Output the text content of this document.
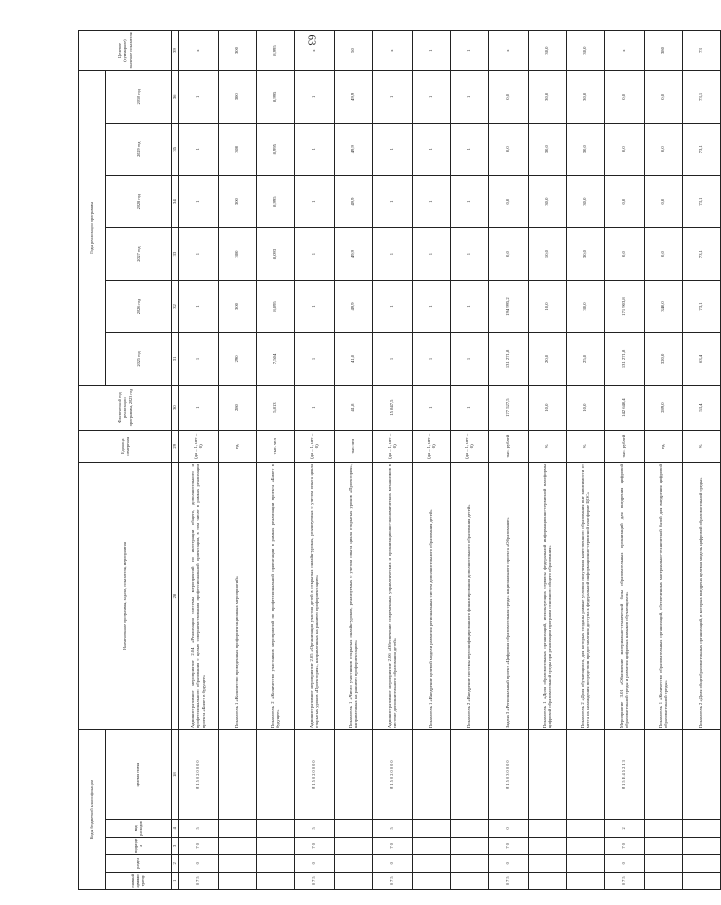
63
Коды бюджетной классификации					Наименование программы, задачи, показателя, мероприятия	Единица измерения	Фактический год реализации программы, 2023 год	Годы реализации программы						Целевое (суммарное) значение показателя
главный администратор	раздел	подраздел	вид расходов	целевая статья				2025 год	2026 год	2027 год	2028 год	2029 год	2030 год	
1	2	3	4	18	28	29	30	31	32	33	34	35	36	39
0 7 5	0	7 0	5	8 1 5 0 2 0 0 0 0	Административное мероприятие 2.04 «Реализация системы мероприятий по интеграции общего, дополнительного и профессионального образования с целью совершенствования профессиональной ориентации, в том числе в рамках реализации проекта «Билет в будущее»	(да – 1, нет – 0)	1	1	1	1	1	1	1	х
					Показатель 1 «Количество проведенных профориентационных мероприятий»	ед.	280	290	300	300	300	300	300	300
					Показатель 2 «Количество участников мероприятий по профессиональной ориентации в рамках реализации проекта «Билет в будущее»	тыс. чел	5,813	7,504	8,095	8,093	8,995	8,995	8,995	8,995
0 7 5	0	7 0	5	8 1 5 0 2 0 0 0 0	Административное мероприятие 2.05 «Организация участия детей в открытых онлайн-уроках, реализуемых с учетом опыта цикла открытых уроков «Проектория», направленных на раннюю профориентацию»	(да – 1, нет – 0)	1	1	1	1	1	1	1	х
					Показатель 1 «Число участников открытых онлайн-уроков, реализуемых с учетом опыта цикла открытых уроков «Проектория», направленных на раннюю профориентацию»	тыс.чел	41,8	41,0	49,9	49,9	49,9	49,9	49,9	50
0 7 5	0	7 0	5	8 1 5 0 2 0 0 0 0	Административное мероприятие 2.06 «Обеспечение современных управленческих и организационно-экономических механизмов в системе дополнительного образования детей»	(да – 1, нет – 0)	15 847,5	1	1	1	1	1	1	х
					Показатель 1 «Внедрение целевой модели развития региональных систем дополнительного образования детей»	(да – 1, нет – 0)	1	1	1	1	1	1	1	1
					Показатель 2 «Внедрение системы персонифицированного финансирования дополнительного образования детей»	(да – 1, нет – 0)	1	1	1	1	1	1	1	1
0 7 5	0	7 0	0	8 1 5 0 3 0 0 0 0	Задача 3 «Региональный проект «Цифровая образовательная среда» национального проекта «Образование»	тыс. рублей	177 527,5	131 271,8	194 995,2	0,0	0,0	0,0	0,0	х
					Показатель 1 «Доля образовательных организаций, использующих сервисы федеральной информационно-сервисной платформы цифровой образовательной среды при реализации программ основного общего образования»	%	10,0	20,0	10,0	10,0	30,0	30,0	30,0	30,0
					Показатель 2 «Доля обучающихся, для которых созданы равные условия получения качественного образования вне зависимости от места их нахождения посредством предоставления доступа к федеральной информационно-сервисной платформе ЦОС»	%	10,0	25,0	30,0	30,0	30,0	30,0	30,0	30,0
0 7 5	0	7 0	2	8 1 5 Е 4 5 2 1 3	Мероприятие 3.01 «Обновление материально-технической базы образовательных организаций для внедрения цифровой образовательной среды и развития цифровых навыков обучающихся»	тыс. рублей	142 640,4	131 271,8	171 903,8	0,0	0,0	0,0	0,0	х
					Показатель 1 «Количество образовательных организаций, обеспеченных материально-технической базой для внедрения цифровой образовательной среды»	ед.	289,0	320,0	340,0	0,0	0,0	0,0	0,0	380
					Показатель 2 «Доля общеобразовательных организаций, в которых внедрена целевая модель цифровой образовательной среды»	%	53,4	63,4	73,1	73,1	73,1	73,1	73,1	73
